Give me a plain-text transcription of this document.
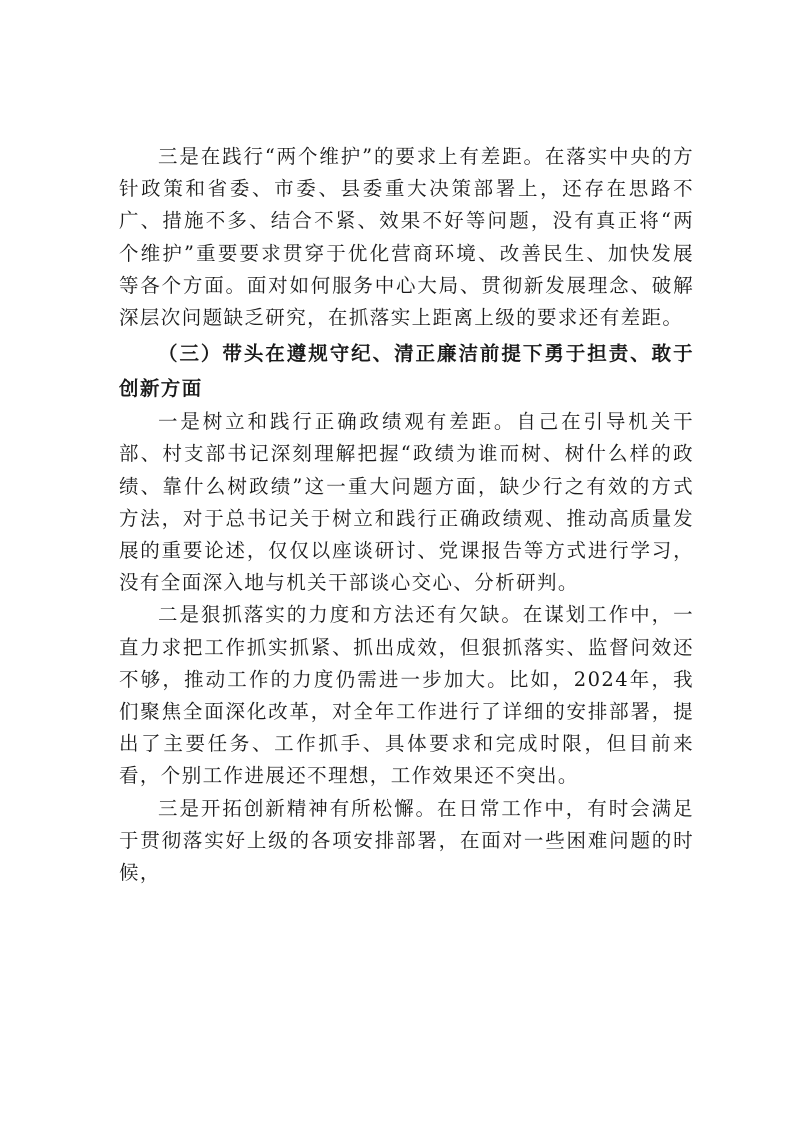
三是在践行“两个维护”的要求上有差距。在落实中央的方针政策和省委、市委、县委重大决策部署上，还存在思路不广、措施不多、结合不紧、效果不好等问题，没有真正将“两个维护”重要要求贯穿于优化营商环境、改善民生、加快发展等各个方面。面对如何服务中心大局、贯彻新发展理念、破解深层次问题缺乏研究，在抓落实上距离上级的要求还有差距。

（三）带头在遵规守纪、清正廉洁前提下勇于担责、敢于创新方面

一是树立和践行正确政绩观有差距。自己在引导机关干部、村支部书记深刻理解把握“政绩为谁而树、树什么样的政绩、靠什么树政绩”这一重大问题方面，缺少行之有效的方式方法，对于总书记关于树立和践行正确政绩观、推动高质量发展的重要论述，仅仅以座谈研讨、党课报告等方式进行学习，没有全面深入地与机关干部谈心交心、分析研判。

二是狠抓落实的力度和方法还有欠缺。在谋划工作中，一直力求把工作抓实抓紧、抓出成效，但狠抓落实、监督问效还不够，推动工作的力度仍需进一步加大。比如，2024年，我们聚焦全面深化改革，对全年工作进行了详细的安排部署，提出了主要任务、工作抓手、具体要求和完成时限，但目前来看，个别工作进展还不理想，工作效果还不突出。

三是开拓创新精神有所松懈。在日常工作中，有时会满足于贯彻落实好上级的各项安排部署，在面对一些困难问题的时候，
